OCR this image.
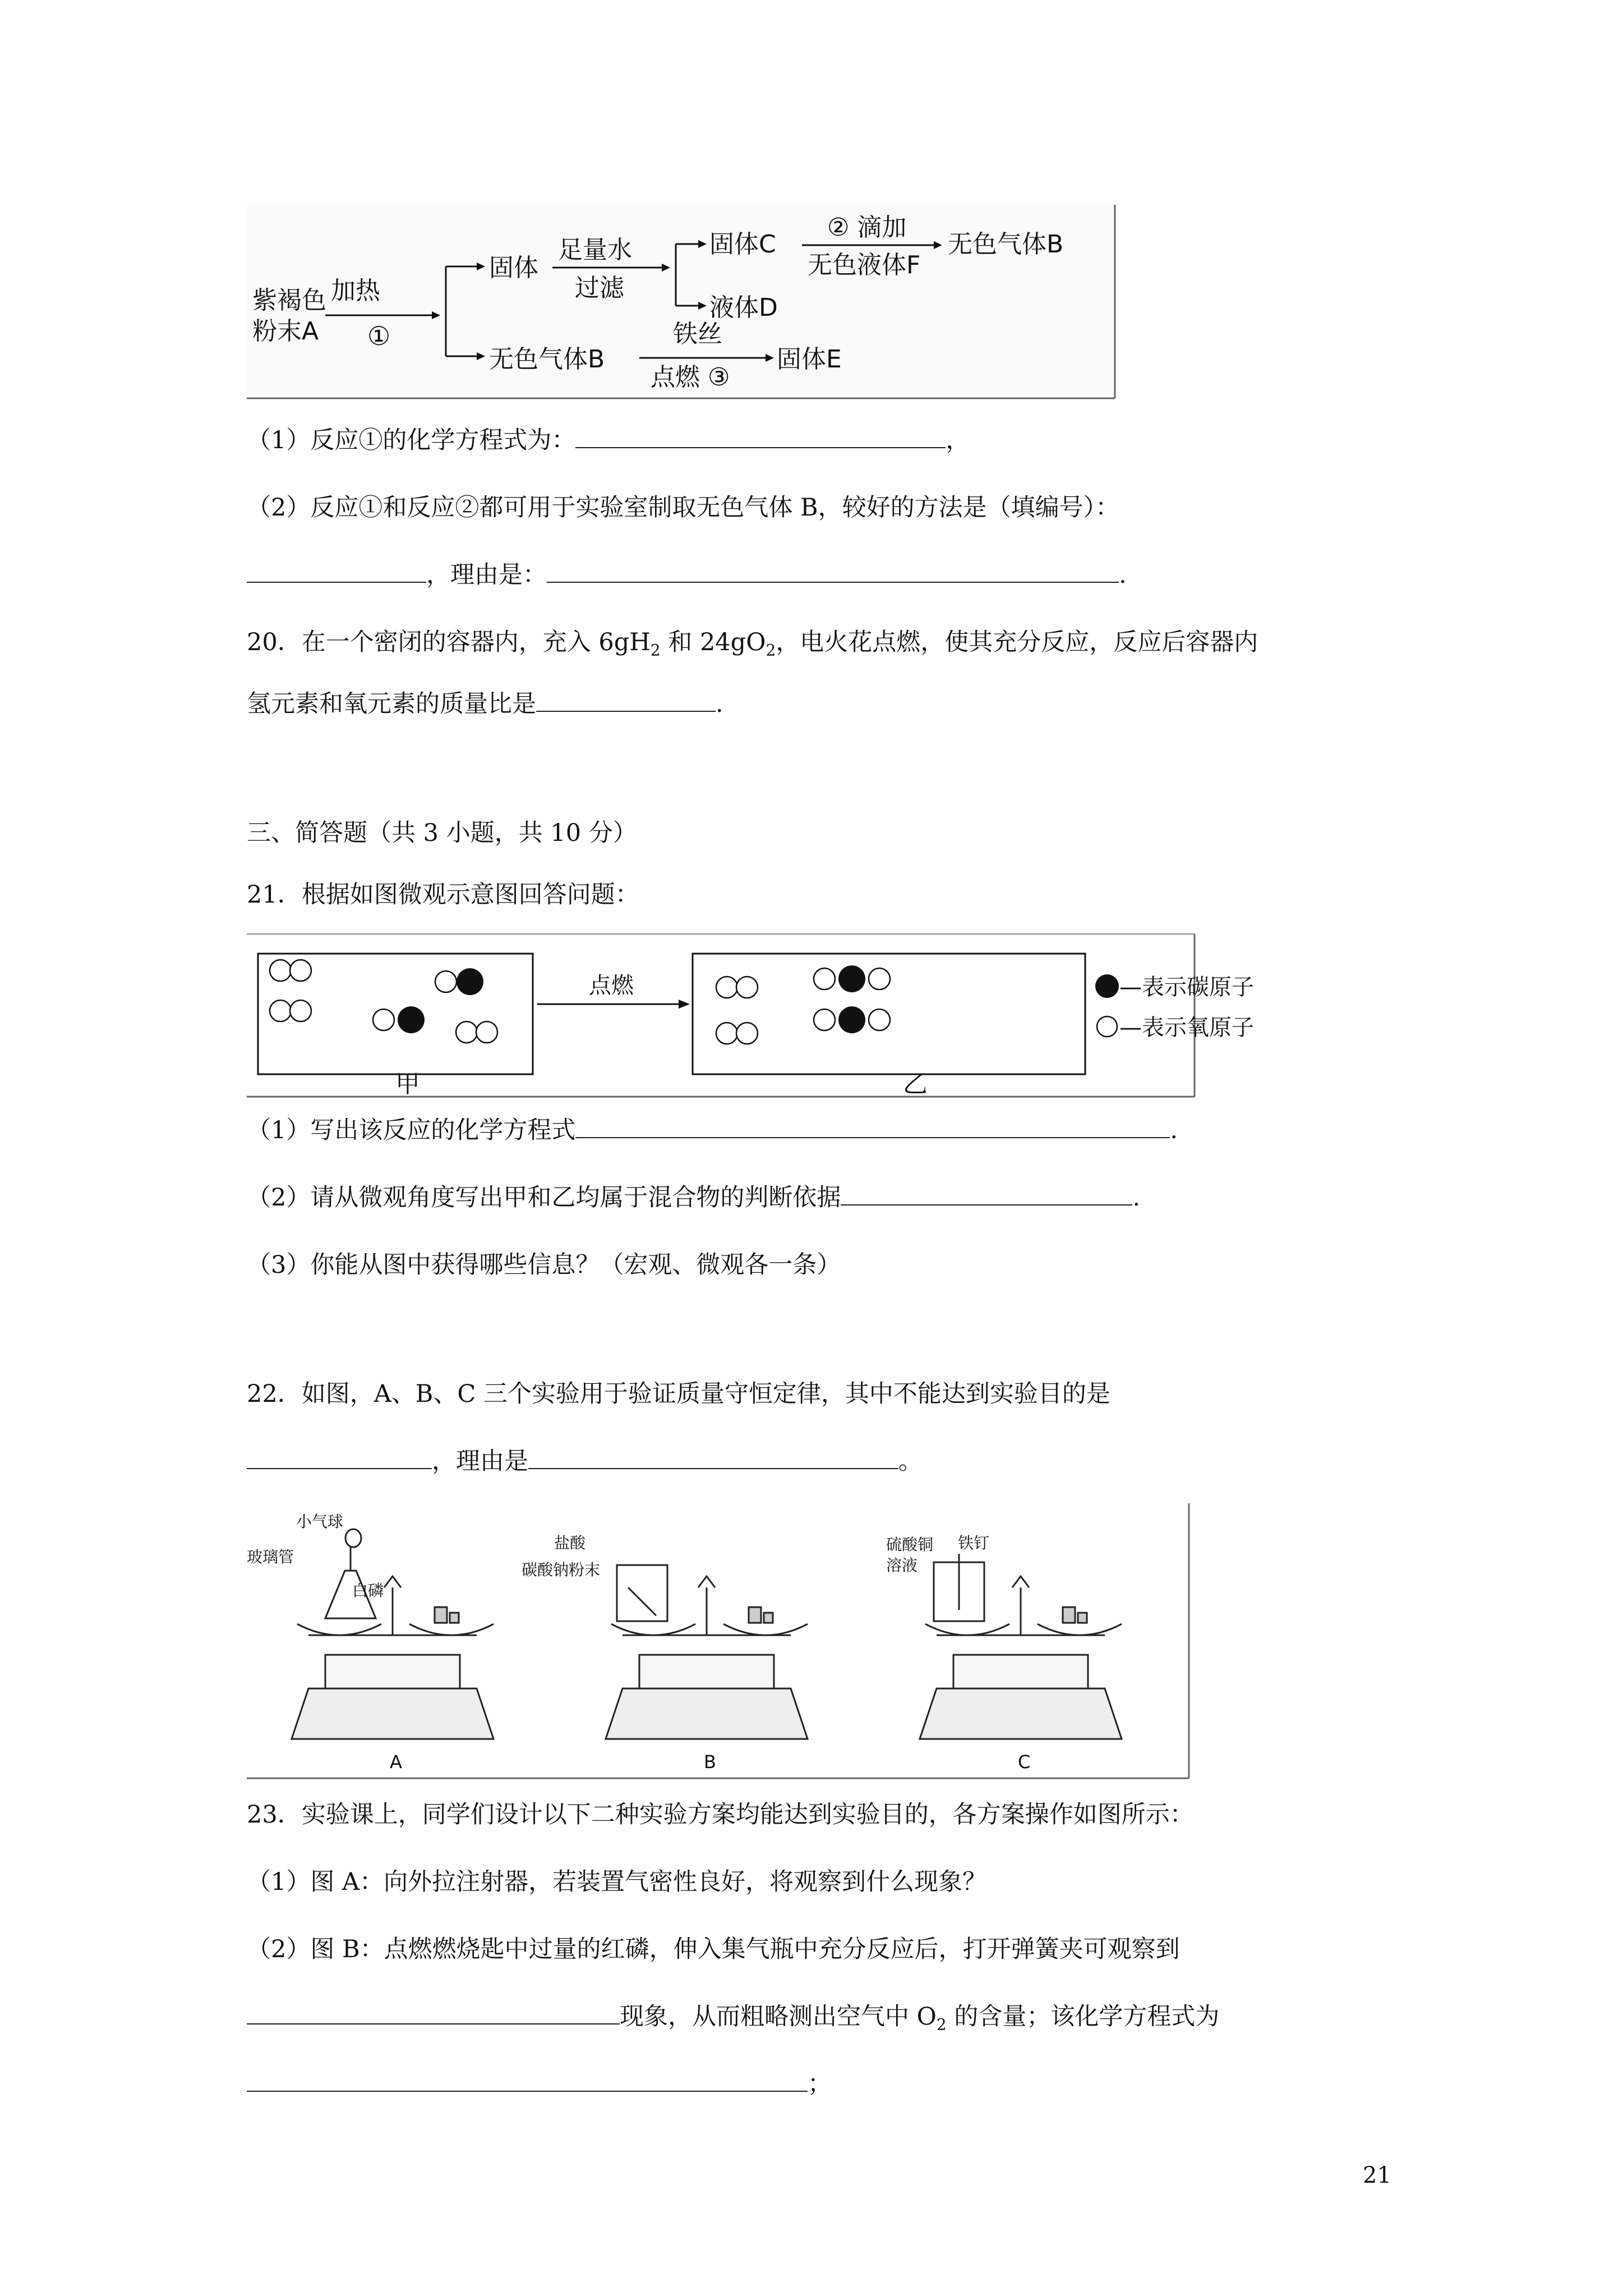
紫褐色
粉末A
加热
①
固体
足量水
过滤
固体C
液体D
② 滴加
无色液体F
无色气体B
无色气体B
铁丝
点燃 ③
固体E
（1）反应①的化学方程式为：	，
（2）反应①和反应②都可用于实验室制取无色气体 B，较好的方法是（填编号）：
，理由是：	.
20．在一个密闭的容器内，充入 $6gH_2$ 和 $24gO_2$，电火花点燃，使其充分反应，反应后容器内
氢元素和氧元素的质量比是	.
三、简答题（共 3 小题，共 10 分）
21．根据如图微观示意图回答问题：
甲
点燃
乙
—表示碳原子
—表示氧原子
（1）写出该反应的化学方程式	.
（2）请从微观角度写出甲和乙均属于混合物的判断依据	.
（3）你能从图中获得哪些信息？（宏观、微观各一条）
22．如图，A、B、C 三个实验用于验证质量守恒定律，其中不能达到实验目的是
，理由是	。
小气球
玻璃管
白磷
盐酸
碳酸钠粉末
硫酸铜
溶液
铁钉
A	B	C
23．实验课上，同学们设计以下二种实验方案均能达到实验目的，各方案操作如图所示：
（1）图 A：向外拉注射器，若装置气密性良好，将观察到什么现象？
（2）图 B：点燃燃烧匙中过量的红磷，伸入集气瓶中充分反应后，打开弹簧夹可观察到
现象，从而粗略测出空气中 $O_2$ 的含量；该化学方程式为
；
21
